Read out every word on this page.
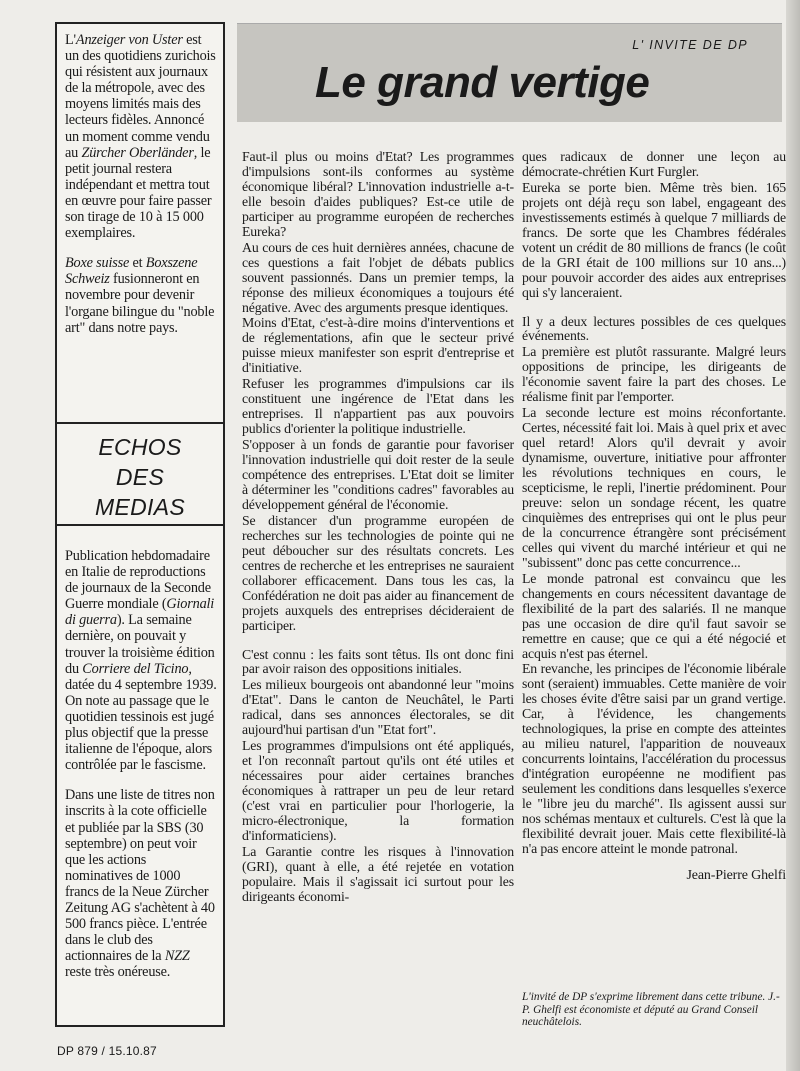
L'Anzeiger von Uster est un des quotidiens zurichois qui résistent aux journaux de la métropole, avec des moyens limités mais des lecteurs fidèles. Annoncé un moment comme vendu au Zürcher Oberländer, le petit journal restera indépendant et mettra tout en œuvre pour faire passer son tirage de 10 à 15 000 exemplaires.

Boxe suisse et Boxszene Schweiz fusionneront en novembre pour devenir l'organe bilingue du "noble art" dans notre pays.

ECHOS
DES
MEDIAS

Publication hebdomadaire en Italie de reproductions de journaux de la Seconde Guerre mondiale (Giornali di guerra). La semaine dernière, on pouvait y trouver la troisième édition du Corriere del Ticino, datée du 4 septembre 1939. On note au passage que le quotidien tessinois est jugé plus objectif que la presse italienne de l'époque, alors contrôlée par le fascisme.

Dans une liste de titres non inscrits à la cote officielle et publiée par la SBS (30 septembre) on peut voir que les actions nominatives de 1000 francs de la Neue Zürcher Zeitung AG s'achètent à 40 500 francs pièce. L'entrée dans le club des actionnaires de la NZZ reste très onéreuse.

L' INVITE DE DP
Le grand vertige

Faut-il plus ou moins d'Etat? Les programmes d'impulsions sont-ils conformes au système économique libéral? L'innovation industrielle a-t-elle besoin d'aides publiques? Est-ce utile de participer au programme européen de recherches Eureka?

Au cours de ces huit dernières années, chacune de ces questions a fait l'objet de débats publics souvent passionnés. Dans un premier temps, la réponse des milieux économiques a toujours été négative. Avec des arguments presque identiques.

Moins d'Etat, c'est-à-dire moins d'interventions et de réglementations, afin que le secteur privé puisse mieux manifester son esprit d'entreprise et d'initiative.

Refuser les programmes d'impulsions car ils constituent une ingérence de l'Etat dans les entreprises. Il n'appartient pas aux pouvoirs publics d'orienter la politique industrielle.

S'opposer à un fonds de garantie pour favoriser l'innovation industrielle qui doit rester de la seule compétence des entreprises. L'Etat doit se limiter à déterminer les "conditions cadres" favorables au développement général de l'économie.

Se distancer d'un programme européen de recherches sur les technologies de pointe qui ne peut déboucher sur des résultats concrets. Les centres de recherche et les entreprises ne sauraient collaborer efficacement. Dans tous les cas, la Confédération ne doit pas aider au financement de projets auxquels des entreprises décideraient de participer.

C'est connu : les faits sont têtus. Ils ont donc fini par avoir raison des oppositions initiales.

Les milieux bourgeois ont abandonné leur "moins d'Etat". Dans le canton de Neuchâtel, le Parti radical, dans ses annonces électorales, se dit aujourd'hui partisan d'un "Etat fort".

Les programmes d'impulsions ont été appliqués, et l'on reconnaît partout qu'ils ont été utiles et nécessaires pour aider certaines branches économiques à rattraper un peu de leur retard (c'est vrai en particulier pour l'horlogerie, la micro-électronique, la formation d'informaticiens).

La Garantie contre les risques à l'innovation (GRI), quant à elle, a été rejetée en votation populaire. Mais il s'agissait ici surtout pour les dirigeants économi-

ques radicaux de donner une leçon au démocrate-chrétien Kurt Furgler.

Eureka se porte bien. Même très bien. 165 projets ont déjà reçu son label, engageant des investissements estimés à quelque 7 milliards de francs. De sorte que les Chambres fédérales votent un crédit de 80 millions de francs (le coût de la GRI était de 100 millions sur 10 ans...) pour pouvoir accorder des aides aux entreprises qui s'y lanceraient.

Il y a deux lectures possibles de ces quelques événements.

La première est plutôt rassurante. Malgré leurs oppositions de principe, les dirigeants de l'économie savent faire la part des choses. Le réalisme finit par l'emporter.

La seconde lecture est moins réconfortante. Certes, nécessité fait loi. Mais à quel prix et avec quel retard! Alors qu'il devrait y avoir dynamisme, ouverture, initiative pour affronter les révolutions techniques en cours, le scepticisme, le repli, l'inertie prédominent. Pour preuve: selon un sondage récent, les quatre cinquièmes des entreprises qui ont le plus peur de la concurrence étrangère sont précisément celles qui vivent du marché intérieur et qui ne "subissent" donc pas cette concurrence...

Le monde patronal est convaincu que les changements en cours nécessitent davantage de flexibilité de la part des salariés. Il ne manque pas une occasion de dire qu'il faut savoir se remettre en cause; que ce qui a été négocié et acquis n'est pas éternel.

En revanche, les principes de l'économie libérale sont (seraient) immuables. Cette manière de voir les choses évite d'être saisi par un grand vertige. Car, à l'évidence, les changements technologiques, la prise en compte des atteintes au milieu naturel, l'apparition de nouveaux concurrents lointains, l'accélération du processus d'intégration européenne ne modifient pas seulement les conditions dans lesquelles s'exerce le "libre jeu du marché". Ils agissent aussi sur nos schémas mentaux et culturels. C'est là que la flexibilité devrait jouer. Mais cette flexibilité-là n'a pas encore atteint le monde patronal.

Jean-Pierre Ghelfi
L'invité de DP s'exprime librement dans cette tribune. J.-P. Ghelfi est économiste et député au Grand Conseil neuchâtelois.
DP 879 / 15.10.87
